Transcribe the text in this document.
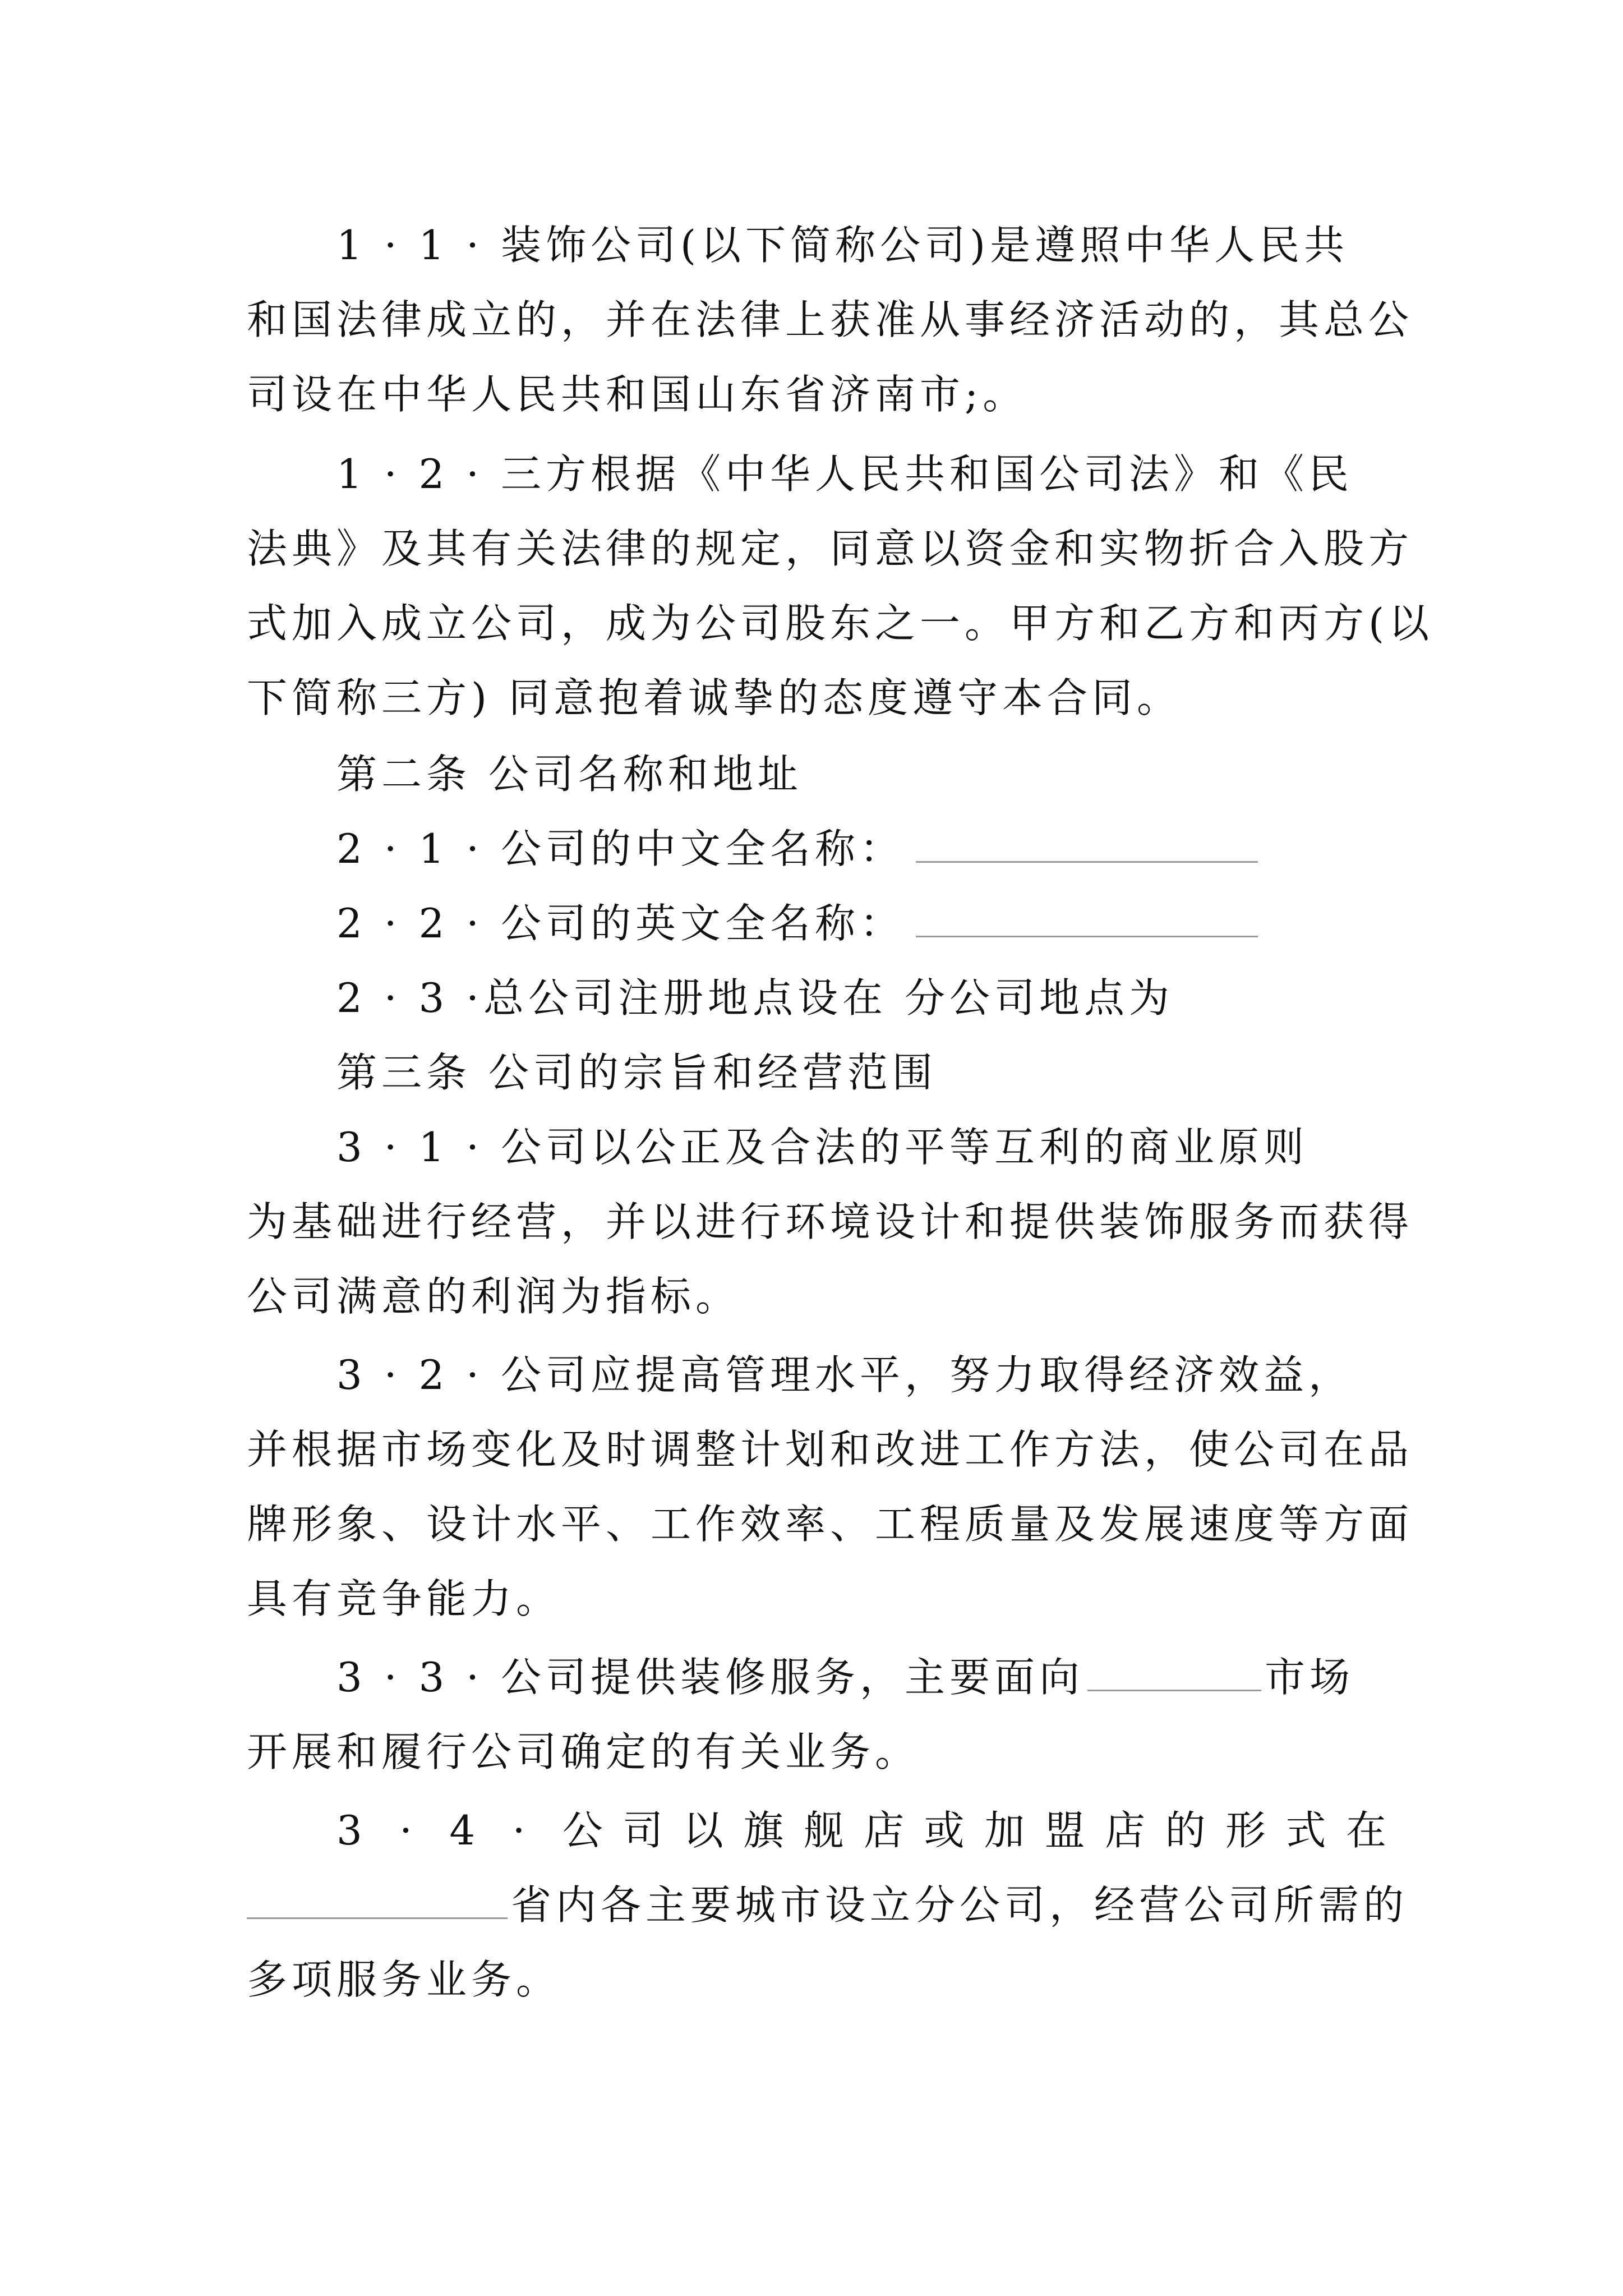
1 · 1 · 装饰公司(以下简称公司)是遵照中华人民共
和国法律成立的，并在法律上获准从事经济活动的，其总公
司设在中华人民共和国山东省济南市;。
1 · 2 · 三方根据《中华人民共和国公司法》和《民
法典》及其有关法律的规定，同意以资金和实物折合入股方
式加入成立公司，成为公司股东之一。甲方和乙方和丙方(以
下简称三方) 同意抱着诚挚的态度遵守本合同。
第二条 公司名称和地址
2 · 1 · 公司的中文全名称：
2 · 2 · 公司的英文全名称：
2 · 3 ·总公司注册地点设在 分公司地点为
第三条 公司的宗旨和经营范围
3 · 1 · 公司以公正及合法的平等互利的商业原则
为基础进行经营，并以进行环境设计和提供装饰服务而获得
公司满意的利润为指标。
3 · 2 · 公司应提高管理水平，努力取得经济效益，
并根据市场变化及时调整计划和改进工作方法，使公司在品
牌形象、设计水平、工作效率、工程质量及发展速度等方面
具有竞争能力。
3 · 3 · 公司提供装修服务，主要面向	市场
开展和履行公司确定的有关业务。
3 · 4 · 公司以旗舰店或加盟店的形式在
省内各主要城市设立分公司，经营公司所需的
多项服务业务。
